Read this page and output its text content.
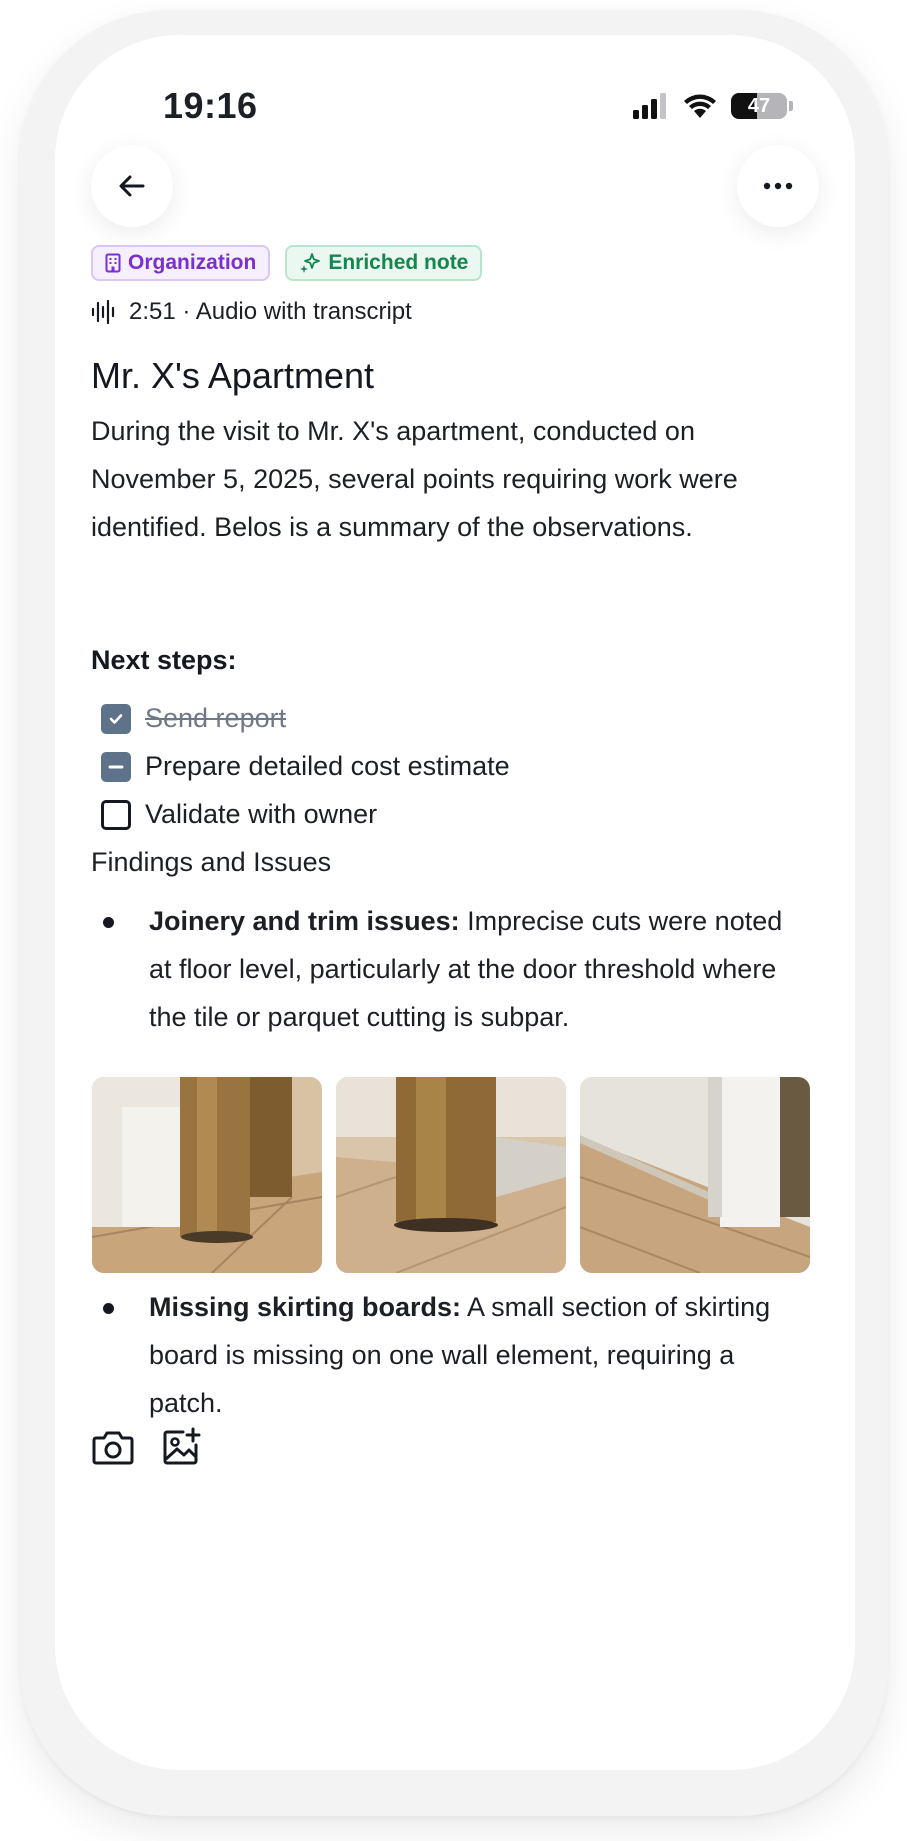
19:16	47
Organization	Enriched note
2:51 · Audio with transcript
Mr. X's Apartment

During the visit to Mr. X's apartment, conducted on November 5, 2025, several points requiring work were identified. Belos is a summary of the observations.

Next steps:
Send report
Prepare detailed cost estimate
Validate with owner
Findings and Issues
Joinery and trim issues: Imprecise cuts were noted at floor level, particularly at the door threshold where the tile or parquet cutting is subpar.
Missing skirting boards: A small section of skirting board is missing on one wall element, requiring a patch.
